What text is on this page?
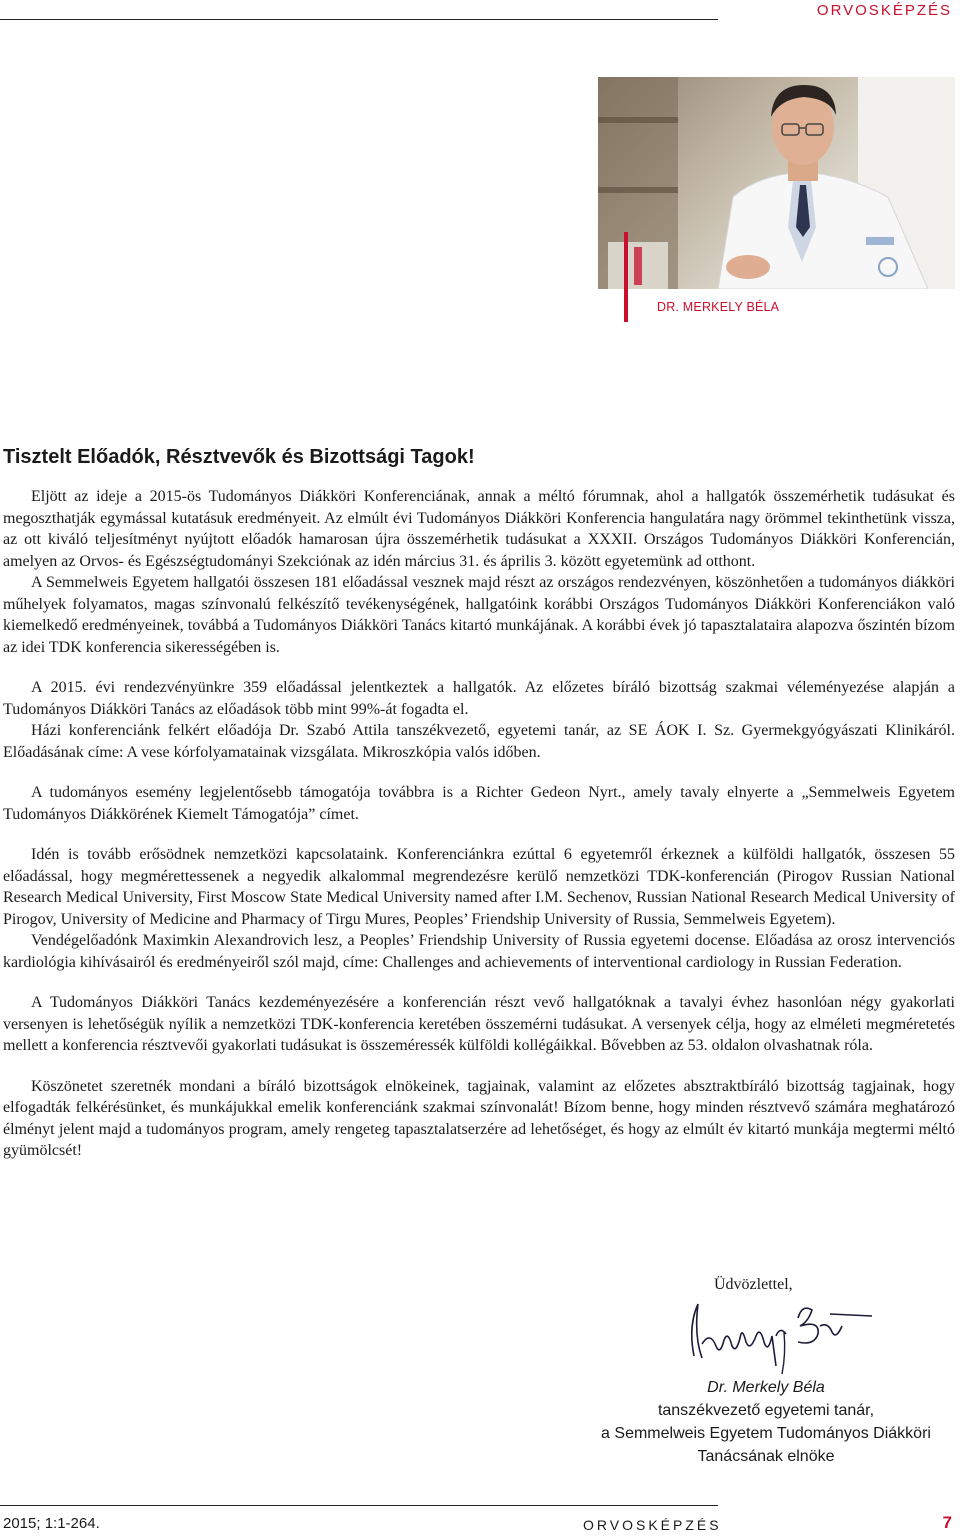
ORVOSKÉPZÉS
DR. MERKELY BÉLA
Tisztelt Előadók, Résztvevők és Bizottsági Tagok!

Eljött az ideje a 2015-ös Tudományos Diákköri Konferenciának, annak a méltó fórumnak, ahol a hallgatók összemérhetik tudásukat és megoszthatják egymással kutatásuk eredményeit. Az elmúlt évi Tudományos Diákköri Konferencia hangulatára nagy örömmel tekinthetünk vissza, az ott kiváló teljesítményt nyújtott előadók hamarosan újra összemérhetik tudásukat a XXXII. Országos Tudományos Diákköri Konferencián, amelyen az Orvos- és Egészségtudományi Szekciónak az idén március 31. és április 3. között egyetemünk ad otthont.

A Semmelweis Egyetem hallgatói összesen 181 előadással vesznek majd részt az országos rendezvényen, köszönhetően a tudományos diákköri műhelyek folyamatos, magas színvonalú felkészítő tevékenységének, hallgatóink korábbi Országos Tudományos Diákköri Konferenciákon való kiemelkedő eredményeinek, továbbá a Tudományos Diákköri Tanács kitartó munkájának. A korábbi évek jó tapasztalataira alapozva őszintén bízom az idei TDK konferencia sikerességében is.

A 2015. évi rendezvényünkre 359 előadással jelentkeztek a hallgatók. Az előzetes bíráló bizottság szakmai véleményezése alapján a Tudományos Diákköri Tanács az előadások több mint 99%-át fogadta el.

Házi konferenciánk felkért előadója Dr. Szabó Attila tanszékvezető, egyetemi tanár, az SE ÁOK I. Sz. Gyermekgyógyászati Klinikáról. Előadásának címe: A vese kórfolyamatainak vizsgálata. Mikroszkópia valós időben.

A tudományos esemény legjelentősebb támogatója továbbra is a Richter Gedeon Nyrt., amely tavaly elnyerte a „Semmelweis Egyetem Tudományos Diákkörének Kiemelt Támogatója” címet.

Idén is tovább erősödnek nemzetközi kapcsolataink. Konferenciánkra ezúttal 6 egyetemről érkeznek a külföldi hallgatók, összesen 55 előadással, hogy megmérettessenek a negyedik alkalommal megrendezésre kerülő nemzetközi TDK-konferencián (Pirogov Russian National Research Medical University, First Moscow State Medical University named after I.M. Sechenov, Russian National Research Medical University of Pirogov, University of Medicine and Pharmacy of Tirgu Mures, Peoples’ Friendship University of Russia, Semmelweis Egyetem).

Vendégelőadónk Maximkin Alexandrovich lesz, a Peoples’ Friendship University of Russia egyetemi docense. Előadása az orosz intervenciós kardiológia kihívásairól és eredményeiről szól majd, címe: Challenges and achievements of interventional cardiology in Russian Federation.

A Tudományos Diákköri Tanács kezdeményezésére a konferencián részt vevő hallgatóknak a tavalyi évhez hasonlóan négy gyakorlati versenyen is lehetőségük nyílik a nemzetközi TDK-konferencia keretében összemérni tudásukat. A versenyek célja, hogy az elméleti megméretetés mellett a konferencia résztvevői gyakorlati tudásukat is összeméressék külföldi kollégáikkal. Bővebben az 53. oldalon olvashatnak róla.

Köszönetet szeretnék mondani a bíráló bizottságok elnökeinek, tagjainak, valamint az előzetes absztraktbíráló bizottság tagjainak, hogy elfogadták felkérésünket, és munkájukkal emelik konferenciánk szakmai színvonalát! Bízom benne, hogy minden résztvevő számára meghatározó élményt jelent majd a tudományos program, amely rengeteg tapasztalatserzére ad lehetőséget, és hogy az elmúlt év kitartó munkája megtermi méltó gyümölcsét!

Üdvözlettel,
Dr. Merkely Béla
tanszékvezető egyetemi tanár,
a Semmelweis Egyetem Tudományos Diákköri
Tanácsának elnöke
2015; 1:1-264.	ORVOSKÉPZÉS	7
